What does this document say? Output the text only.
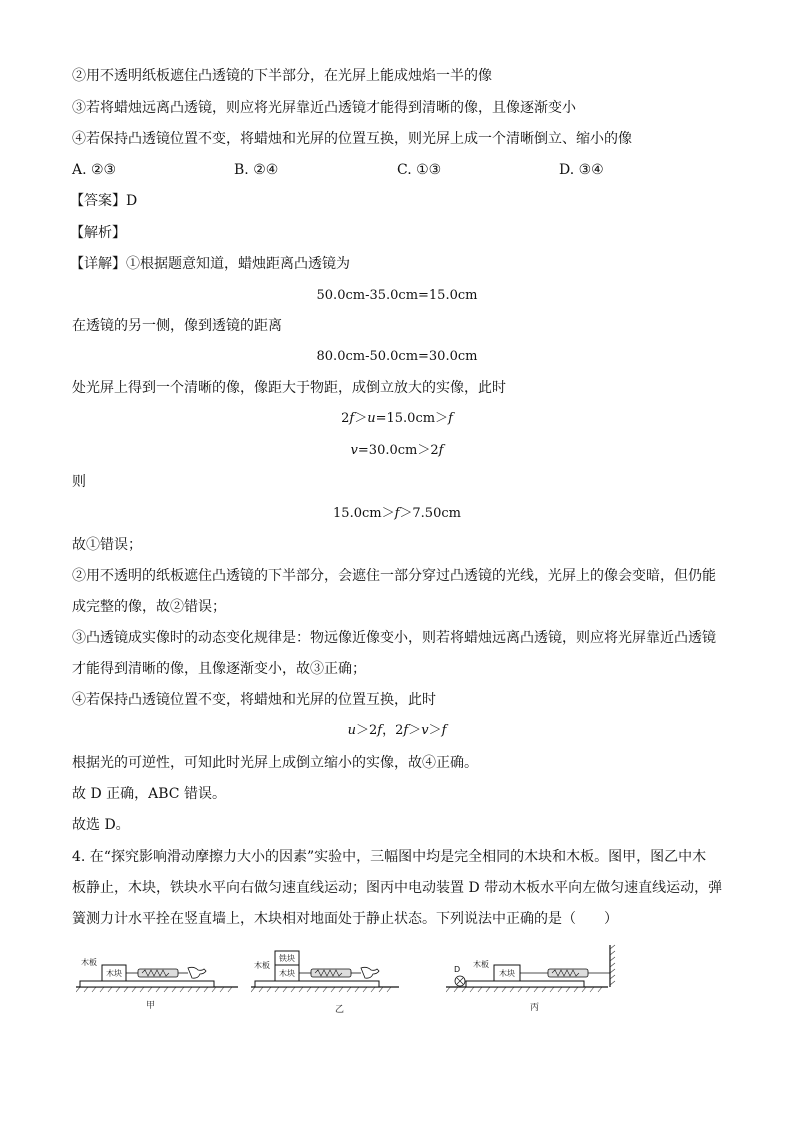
②用不透明纸板遮住凸透镜的下半部分，在光屏上能成烛焰一半的像
③若将蜡烛远离凸透镜，则应将光屏靠近凸透镜才能得到清晰的像，且像逐渐变小
④若保持凸透镜位置不变，将蜡烛和光屏的位置互换，则光屏上成一个清晰倒立、缩小的像
A. ②③	B. ②④	C. ①③	D. ③④
【答案】D
【解析】
【详解】①根据题意知道，蜡烛距离凸透镜为
50.0cm-35.0cm=15.0cm
在透镜的另一侧，像到透镜的距离
80.0cm-50.0cm=30.0cm
处光屏上得到一个清晰的像，像距大于物距，成倒立放大的实像，此时
2f＞u=15.0cm＞f
v=30.0cm＞2f
则
15.0cm＞f＞7.50cm
故①错误；
②用不透明的纸板遮住凸透镜的下半部分，会遮住一部分穿过凸透镜的光线，光屏上的像会变暗，但仍能
成完整的像，故②错误；
③凸透镜成实像时的动态变化规律是：物远像近像变小，则若将蜡烛远离凸透镜，则应将光屏靠近凸透镜
才能得到清晰的像，且像逐渐变小，故③正确；
④若保持凸透镜位置不变，将蜡烛和光屏的位置互换，此时
u＞2f，2f＞v＞f
根据光的可逆性，可知此时光屏上成倒立缩小的实像，故④正确。
故 D 正确，ABC 错误。
故选 D。
4. 在“探究影响滑动摩擦力大小的因素”实验中，三幅图中均是完全相同的木块和木板。图甲，图乙中木
板静止，木块，铁块水平向右做匀速直线运动；图丙中电动装置 D 带动木板水平向左做匀速直线运动，弹
簧测力计水平拴在竖直墙上，木块相对地面处于静止状态。下列说法中正确的是（　　）
木板
木块
甲
木板
铁块
木块
乙
D
木板
木块
丙
